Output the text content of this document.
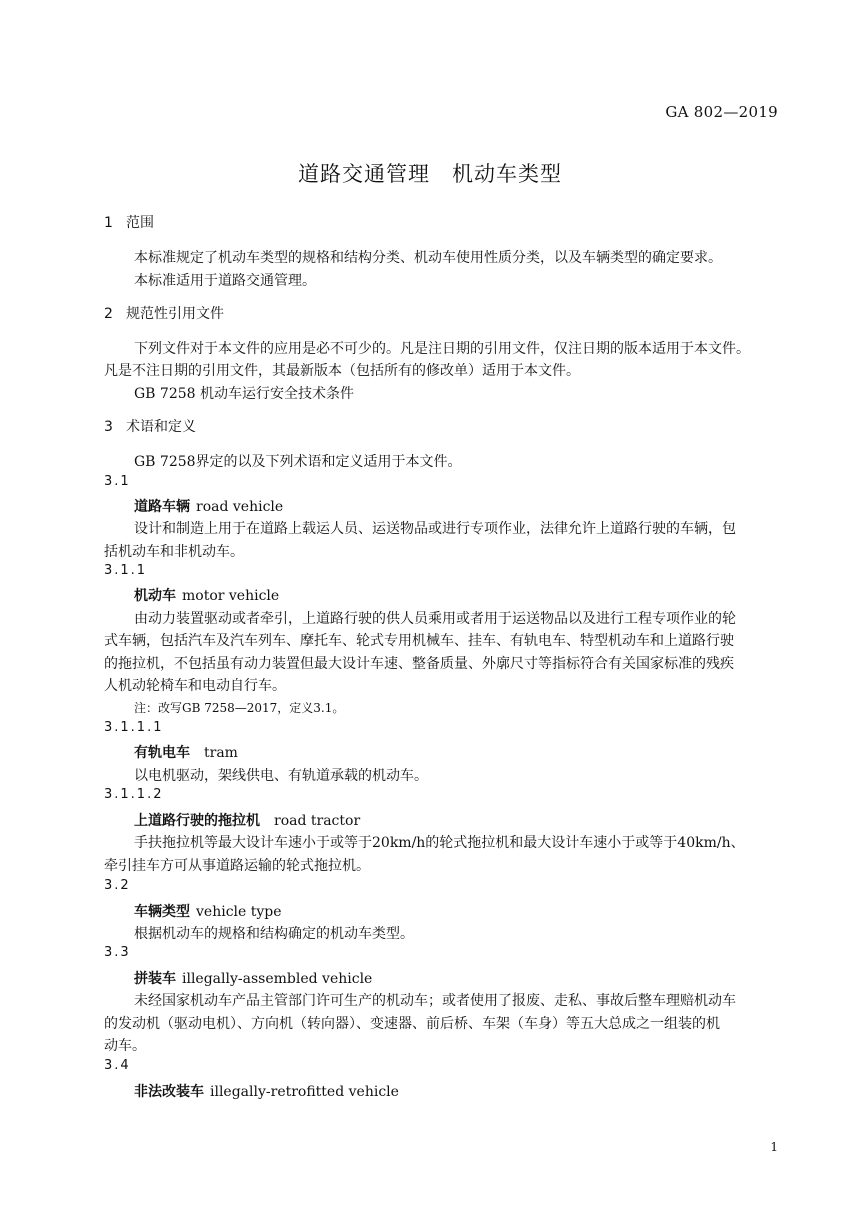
GA 802—2019
道路交通管理　机动车类型
1 范围
本标准规定了机动车类型的规格和结构分类、机动车使用性质分类，以及车辆类型的确定要求。
本标准适用于道路交通管理。
2 规范性引用文件
下列文件对于本文件的应用是必不可少的。凡是注日期的引用文件，仅注日期的版本适用于本文件。
凡是不注日期的引用文件，其最新版本（包括所有的修改单）适用于本文件。
GB 7258 机动车运行安全技术条件
3 术语和定义
GB 7258界定的以及下列术语和定义适用于本文件。
3.1
道路车辆 road vehicle
设计和制造上用于在道路上载运人员、运送物品或进行专项作业，法律允许上道路行驶的车辆，包
括机动车和非机动车。
3.1.1
机动车 motor vehicle
由动力装置驱动或者牵引，上道路行驶的供人员乘用或者用于运送物品以及进行工程专项作业的轮
式车辆，包括汽车及汽车列车、摩托车、轮式专用机械车、挂车、有轨电车、特型机动车和上道路行驶
的拖拉机，不包括虽有动力装置但最大设计车速、整备质量、外廓尺寸等指标符合有关国家标准的残疾
人机动轮椅车和电动自行车。
注：改写GB 7258—2017，定义3.1。
3.1.1.1
有轨电车 tram
以电机驱动，架线供电、有轨道承载的机动车。
3.1.1.2
上道路行驶的拖拉机 road tractor
手扶拖拉机等最大设计车速小于或等于20km/h的轮式拖拉机和最大设计车速小于或等于40km/h、
牵引挂车方可从事道路运输的轮式拖拉机。
3.2
车辆类型 vehicle type
根据机动车的规格和结构确定的机动车类型。
3.3
拼装车 illegally-assembled vehicle
未经国家机动车产品主管部门许可生产的机动车；或者使用了报废、走私、事故后整车理赔机动车
的发动机（驱动电机）、方向机（转向器）、变速器、前后桥、车架（车身）等五大总成之一组装的机
动车。
3.4
非法改装车 illegally-retrofitted vehicle
1
